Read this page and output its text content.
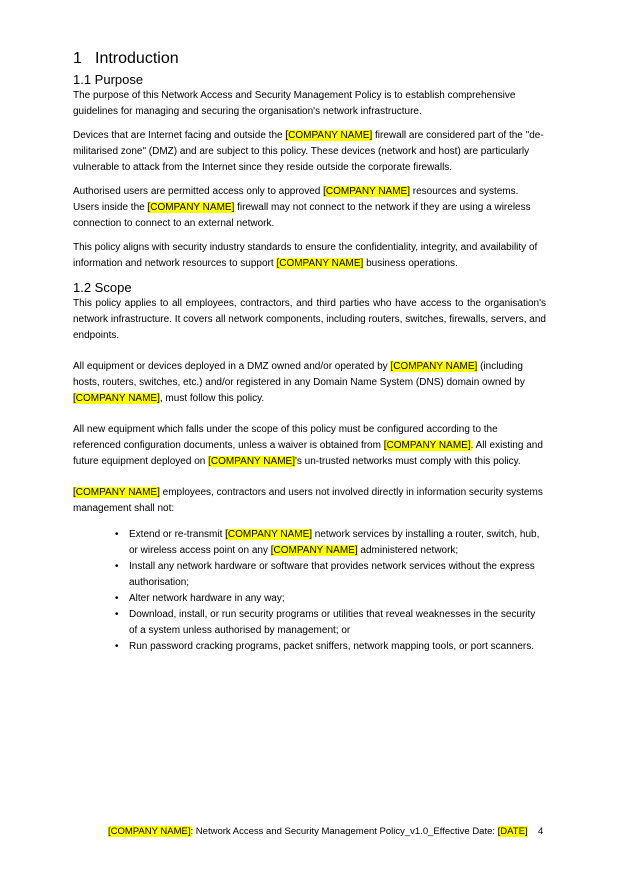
1 Introduction
1.1 Purpose

The purpose of this Network Access and Security Management Policy is to establish comprehensive guidelines for managing and securing the organisation's network infrastructure.

Devices that are Internet facing and outside the [COMPANY NAME] firewall are considered part of the "de-militarised zone" (DMZ) and are subject to this policy. These devices (network and host) are particularly vulnerable to attack from the Internet since they reside outside the corporate firewalls.

Authorised users are permitted access only to approved [COMPANY NAME] resources and systems. Users inside the [COMPANY NAME] firewall may not connect to the network if they are using a wireless connection to connect to an external network.

This policy aligns with security industry standards to ensure the confidentiality, integrity, and availability of information and network resources to support [COMPANY NAME] business operations.

1.2 Scope

This policy applies to all employees, contractors, and third parties who have access to the organisation's network infrastructure. It covers all network components, including routers, switches, firewalls, servers, and endpoints.

All equipment or devices deployed in a DMZ owned and/or operated by [COMPANY NAME] (including hosts, routers, switches, etc.) and/or registered in any Domain Name System (DNS) domain owned by [COMPANY NAME], must follow this policy.

All new equipment which falls under the scope of this policy must be configured according to the referenced configuration documents, unless a waiver is obtained from [COMPANY NAME]. All existing and future equipment deployed on [COMPANY NAME]'s un-trusted networks must comply with this policy.

[COMPANY NAME] employees, contractors and users not involved directly in information security systems management shall not:

• Extend or re-transmit [COMPANY NAME] network services by installing a router, switch, hub, or wireless access point on any [COMPANY NAME] administered network;
• Install any network hardware or software that provides network services without the express authorisation;
• Alter network hardware in any way;
• Download, install, or run security programs or utilities that reveal weaknesses in the security of a system unless authorised by management; or
• Run password cracking programs, packet sniffers, network mapping tools, or port scanners.
[COMPANY NAME]: Network Access and Security Management Policy_v1.0_Effective Date: [DATE] 4
